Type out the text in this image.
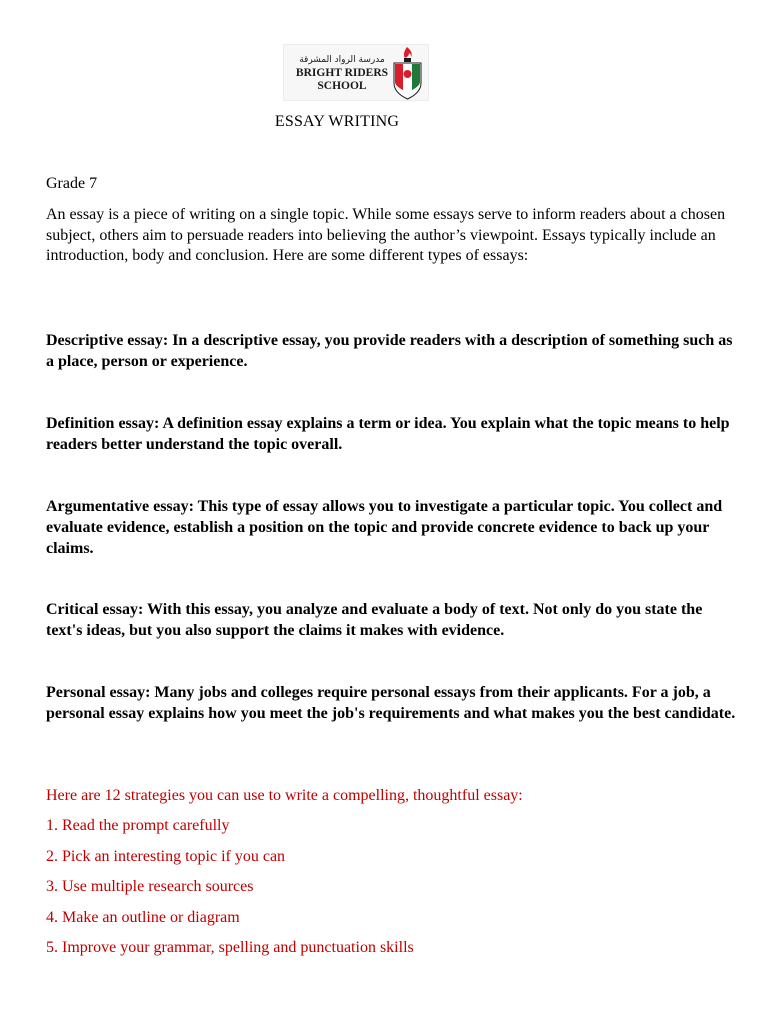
مدرسة الرواد المشرقة
BRIGHT RIDERS
SCHOOL
ESSAY WRITING
Grade 7

An essay is a piece of writing on a single topic. While some essays serve to inform readers about a chosen subject, others aim to persuade readers into believing the author’s viewpoint. Essays typically include an introduction, body and conclusion. Here are some different types of essays:

Descriptive essay: In a descriptive essay, you provide readers with a description of something such as a place, person or experience.

Definition essay: A definition essay explains a term or idea. You explain what the topic means to help readers better understand the topic overall.

Argumentative essay: This type of essay allows you to investigate a particular topic. You collect and evaluate evidence, establish a position on the topic and provide concrete evidence to back up your claims.

Critical essay: With this essay, you analyze and evaluate a body of text. Not only do you state the text's ideas, but you also support the claims it makes with evidence.

Personal essay: Many jobs and colleges require personal essays from their applicants. For a job, a personal essay explains how you meet the job's requirements and what makes you the best candidate.

Here are 12 strategies you can use to write a compelling, thoughtful essay:
1. Read the prompt carefully
2. Pick an interesting topic if you can
3. Use multiple research sources
4. Make an outline or diagram
5. Improve your grammar, spelling and punctuation skills
